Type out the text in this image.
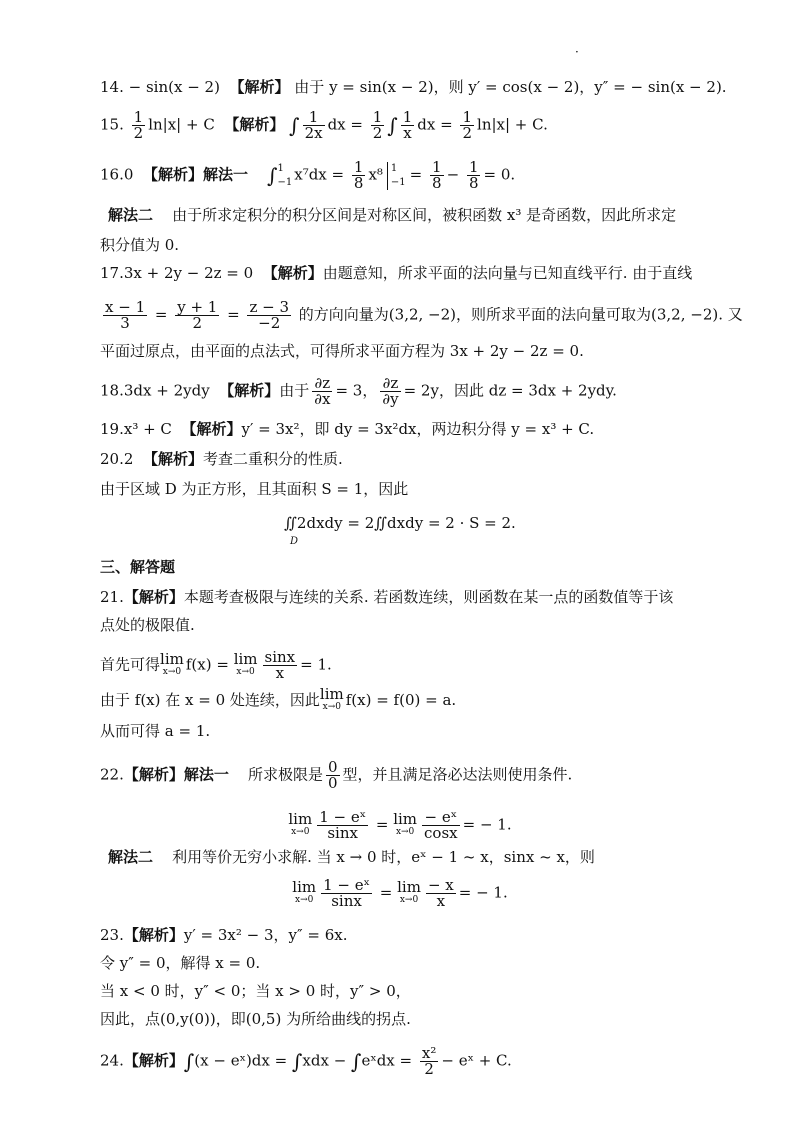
·
14. − sin(x − 2) 【解析】 由于 y = sin(x − 2)，则 y′ = cos(x − 2)，y″ = − sin(x − 2).
15. $\frac{1}{2} \ln|x| + C$ 【解析】 ∫ $\frac{1}{2x}$ dx = $\frac{1}{2}$ ∫ $\frac{1}{x}$ dx = $\frac{1}{2} \ln|x| + C$.
16.0 【解析】解法一 ∫ 1
−1 $x^7dx = \frac{1}{8} x^8$ 1
$-1 = \frac{1}{8} - \frac{1}{8} = 0$.
解法二 由于所求定积分的积分区间是对称区间，被积函数 x³ 是奇函数，因此所求定
积分值为 0.
17.3x + 2y − 2z = 0 【解析】由题意知，所求平面的法向量与已知直线平行. 由于直线
$\frac{x - 1}{3} = \frac{y + 1}{2} = \frac{z - 3}{-2}$ 的方向向量为(3,2, −2)，则所求平面的法向量可取为(3,2, −2). 又
平面过原点，由平面的点法式，可得所求平面方程为 3x + 2y − 2z = 0.
18.3dx + 2ydy 【解析】由于 $\frac{\partial z}{\partial x} = 3$， $\frac{\partial z}{\partial y} = 2y$，因此 dz = 3dx + 2ydy.
19.x³ + C 【解析】y′ = 3x²，即 dy = 3x²dx，两边积分得 y = x³ + C.
20.2 【解析】考查二重积分的性质.
由于区域 D 为正方形，且其面积 S = 1，因此
∬2dxdy = 2∬dxdy = 2 · S = 2.
D
三、解答题
21.【解析】本题考查极限与连续的关系. 若函数连续，则函数在某一点的函数值等于该
点处的极限值.
首先可得lim
x→0 f(x) = lim
$x\to 0 \frac{\sin x}{x} = 1$.
由于 f(x) 在 x = 0 处连续，因此lim
x→0 f(x) = f(0) = a.
从而可得 a = 1.
22.【解析】解法一 所求极限是 $\frac{0}{0}$ 型，并且满足洛必达法则使用条件.
lim
$x\to 0 \frac{\text{1 − eˣ}}{\sin x} = \lim$
$x\to 0 \frac{\text{− eˣ}}{\cos x}$ = − 1.
解法二 利用等价无穷小求解. 当 x → 0 时，eˣ − 1 ~ x，sinx ~ x，则
lim
$x\to 0 \frac{\text{1 − eˣ}}{\sin x} = \lim$
$x\to 0 \frac{- x}{x}$ = − 1.
23.【解析】y′ = 3x² − 3，y″ = 6x.
令 y″ = 0，解得 x = 0.
当 x < 0 时，y″ < 0；当 x > 0 时，y″ > 0，
因此，点(0,y(0))，即(0,5) 为所给曲线的拐点.
24.【解析】∫(x − eˣ)dx = ∫xdx − ∫eˣdx = $\frac{\text{x²}}{2}$ − eˣ + C.
